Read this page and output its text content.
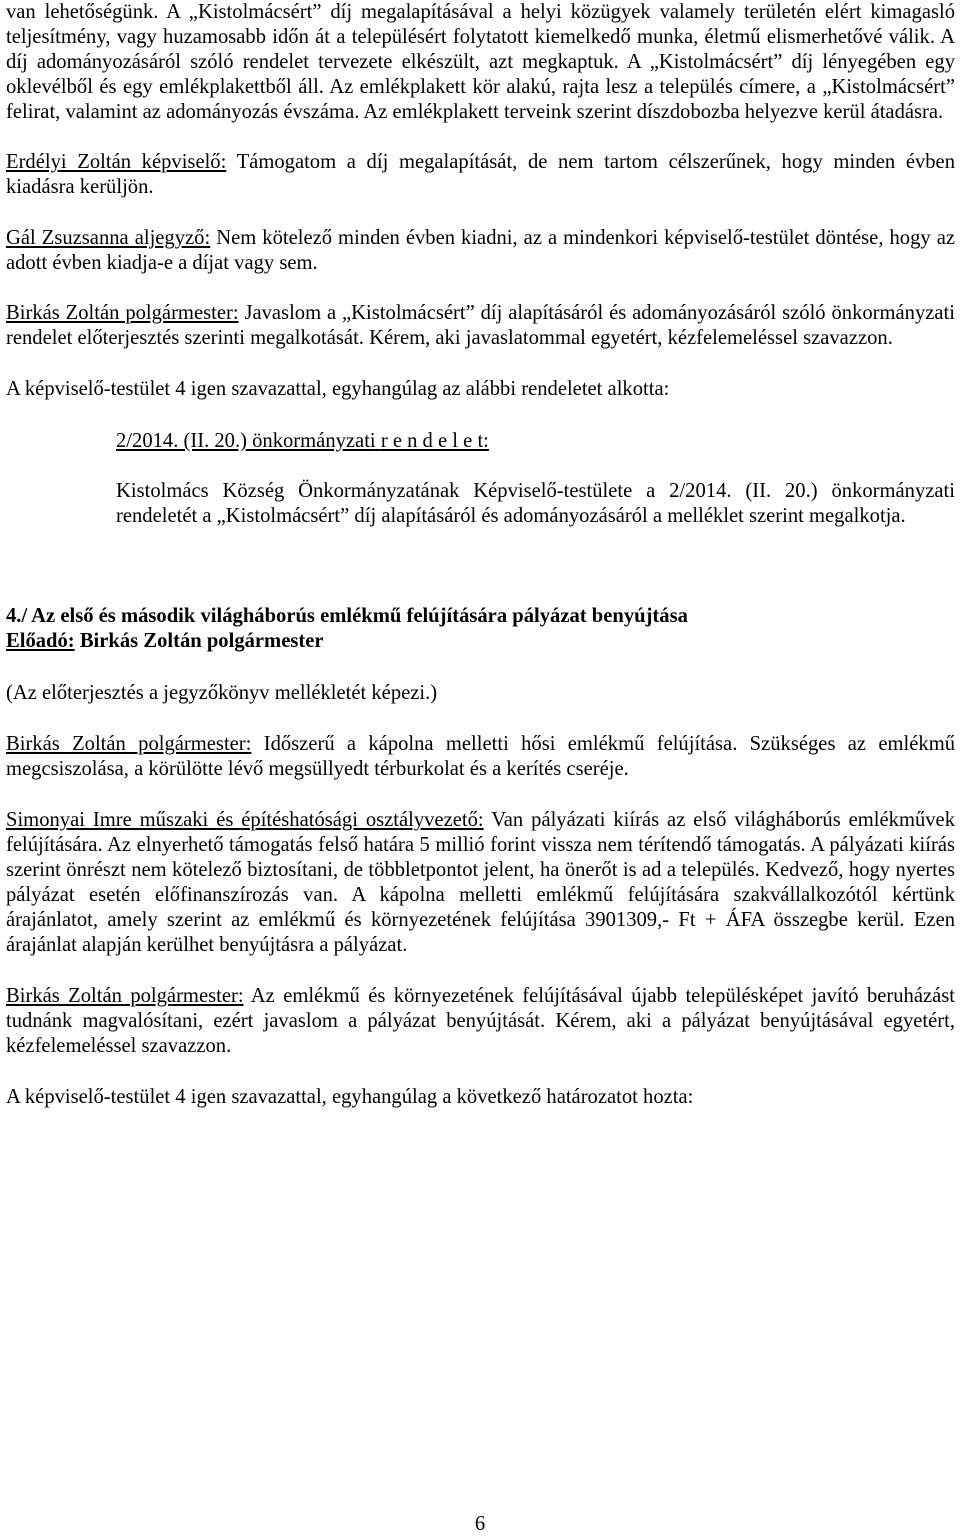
van lehetőségünk. A „Kistolmácsért” díj megalapításával a helyi közügyek valamely területén elért kimagasló teljesítmény, vagy huzamosabb időn át a településért folytatott kiemelkedő munka, életmű elismerhetővé válik. A díj adományozásáról szóló rendelet tervezete elkészült, azt megkaptuk. A „Kistolmácsért” díj lényegében egy oklevélből és egy emlékplakettből áll. Az emlékplakett kör alakú, rajta lesz a település címere, a „Kistolmácsért” felirat, valamint az adományozás évszáma. Az emlékplakett terveink szerint díszdobozba helyezve kerül átadásra.

Erdélyi Zoltán képviselő: Támogatom a díj megalapítását, de nem tartom célszerűnek, hogy minden évben kiadásra kerüljön.

Gál Zsuzsanna aljegyző: Nem kötelező minden évben kiadni, az a mindenkori képviselő-testület döntése, hogy az adott évben kiadja-e a díjat vagy sem.

Birkás Zoltán polgármester: Javaslom a „Kistolmácsért” díj alapításáról és adományozásáról szóló önkormányzati rendelet előterjesztés szerinti megalkotását. Kérem, aki javaslatommal egyetért, kézfelemeléssel szavazzon.

A képviselő-testület 4 igen szavazattal, egyhangúlag az alábbi rendeletet alkotta:

2/2014. (II. 20.) önkormányzati r e n d e l e t:

Kistolmács Község Önkormányzatának Képviselő-testülete a 2/2014. (II. 20.) önkormányzati rendeletét a „Kistolmácsért” díj alapításáról és adományozásáról a melléklet szerint megalkotja.

4./ Az első és második világháborús emlékmű felújítására pályázat benyújtása

Előadó: Birkás Zoltán polgármester

(Az előterjesztés a jegyzőkönyv mellékletét képezi.)

Birkás Zoltán polgármester: Időszerű a kápolna melletti hősi emlékmű felújítása. Szükséges az emlékmű megcsiszolása, a körülötte lévő megsüllyedt térburkolat és a kerítés cseréje.

Simonyai Imre műszaki és építéshatósági osztályvezető: Van pályázati kiírás az első világháborús emlékművek felújítására. Az elnyerhető támogatás felső határa 5 millió forint vissza nem térítendő támogatás. A pályázati kiírás szerint önrészt nem kötelező biztosítani, de többletpontot jelent, ha önerőt is ad a település. Kedvező, hogy nyertes pályázat esetén előfinanszírozás van. A kápolna melletti emlékmű felújítására szakvállalkozótól kértünk árajánlatot, amely szerint az emlékmű és környezetének felújítása 3901309,- Ft + ÁFA összegbe kerül. Ezen árajánlat alapján kerülhet benyújtásra a pályázat.

Birkás Zoltán polgármester: Az emlékmű és környezetének felújításával újabb településképet javító beruházást tudnánk magvalósítani, ezért javaslom a pályázat benyújtását. Kérem, aki a pályázat benyújtásával egyetért, kézfelemeléssel szavazzon.

A képviselő-testület 4 igen szavazattal, egyhangúlag a következő határozatot hozta:

6
